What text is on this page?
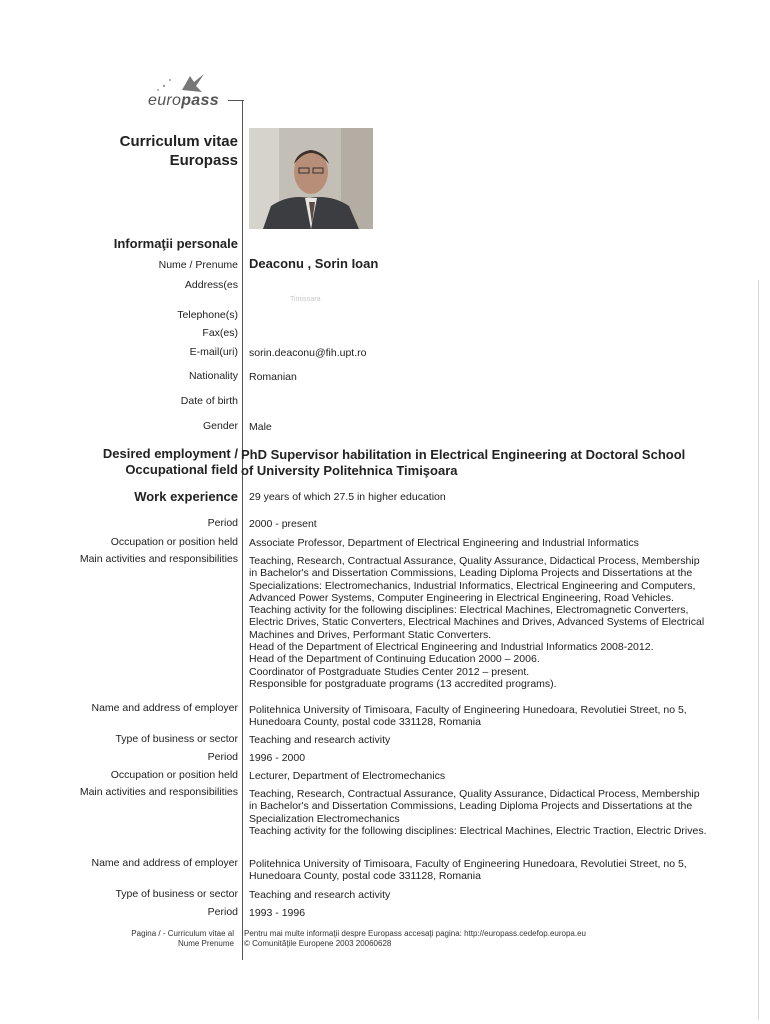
europass
Curriculum vitae
Europass
Informaţii personale
Nume / Prenume Deaconu , Sorin Ioan
Address(es
Timișoara
Telephone(s)
Fax(es)
E-mail(uri) sorin.deaconu@fih.upt.ro
Nationality Romanian
Date of birth
Gender Male
Desired employment /
Occupational field
PhD Supervisor habilitation in Electrical Engineering at Doctoral School of University Politehnica Timişoara
Work experience 29 years of which 27.5 in higher education
Period 2000 - present
Occupation or position held Associate Professor, Department of Electrical Engineering and Industrial Informatics
Main activities and responsibilities Teaching, Research, Contractual Assurance, Quality Assurance, Didactical Process, Membership in Bachelor's and Dissertation Commissions, Leading Diploma Projects and Dissertations at the Specializations: Electromechanics, Industrial Informatics, Electrical Engineering and Computers, Advanced Power Systems, Computer Engineering in Electrical Engineering, Road Vehicles.
Teaching activity for the following disciplines: Electrical Machines, Electromagnetic Converters, Electric Drives, Static Converters, Electrical Machines and Drives, Advanced Systems of Electrical Machines and Drives, Performant Static Converters.
Head of the Department of Electrical Engineering and Industrial Informatics 2008-2012.
Head of the Department of Continuing Education 2000 – 2006.
Coordinator of Postgraduate Studies Center 2012 – present.
Responsible for postgraduate programs (13 accredited programs).
Name and address of employer Politehnica University of Timisoara, Faculty of Engineering Hunedoara, Revolutiei Street, no 5, Hunedoara County, postal code 331128, Romania
Type of business or sector Teaching and research activity
Period 1996 - 2000
Occupation or position held Lecturer, Department of Electromechanics
Main activities and responsibilities Teaching, Research, Contractual Assurance, Quality Assurance, Didactical Process, Membership in Bachelor's and Dissertation Commissions, Leading Diploma Projects and Dissertations at the Specialization Electromechanics
Teaching activity for the following disciplines: Electrical Machines, Electric Traction, Electric Drives.
Name and address of employer Politehnica University of Timisoara, Faculty of Engineering Hunedoara, Revolutiei Street, no 5, Hunedoara County, postal code 331128, Romania
Type of business or sector Teaching and research activity
Period 1993 - 1996
Pagina / - Curriculum vitae al
Nume Prenume
Pentru mai multe informaţii despre Europass accesaţi pagina: http://europass.cedefop.europa.eu
© Comunităţile Europene 2003 20060628
